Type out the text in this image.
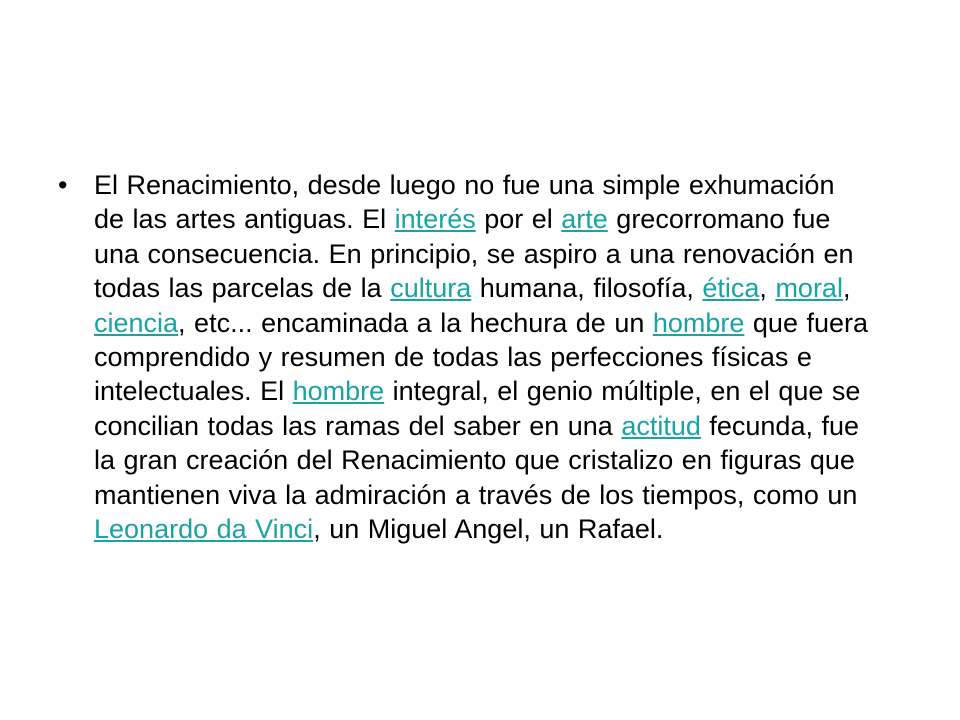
• El Renacimiento, desde luego no fue una simple exhumación de las artes antiguas. El interés por el arte grecorromano fue una consecuencia. En principio, se aspiro a una renovación en todas las parcelas de la cultura humana, filosofía, ética, moral, ciencia, etc... encaminada a la hechura de un hombre que fuera comprendido y resumen de todas las perfecciones físicas e intelectuales. El hombre integral, el genio múltiple, en el que se concilian todas las ramas del saber en una actitud fecunda, fue la gran creación del Renacimiento que cristalizo en figuras que mantienen viva la admiración a través de los tiempos, como un Leonardo da Vinci, un Miguel Angel, un Rafael.
